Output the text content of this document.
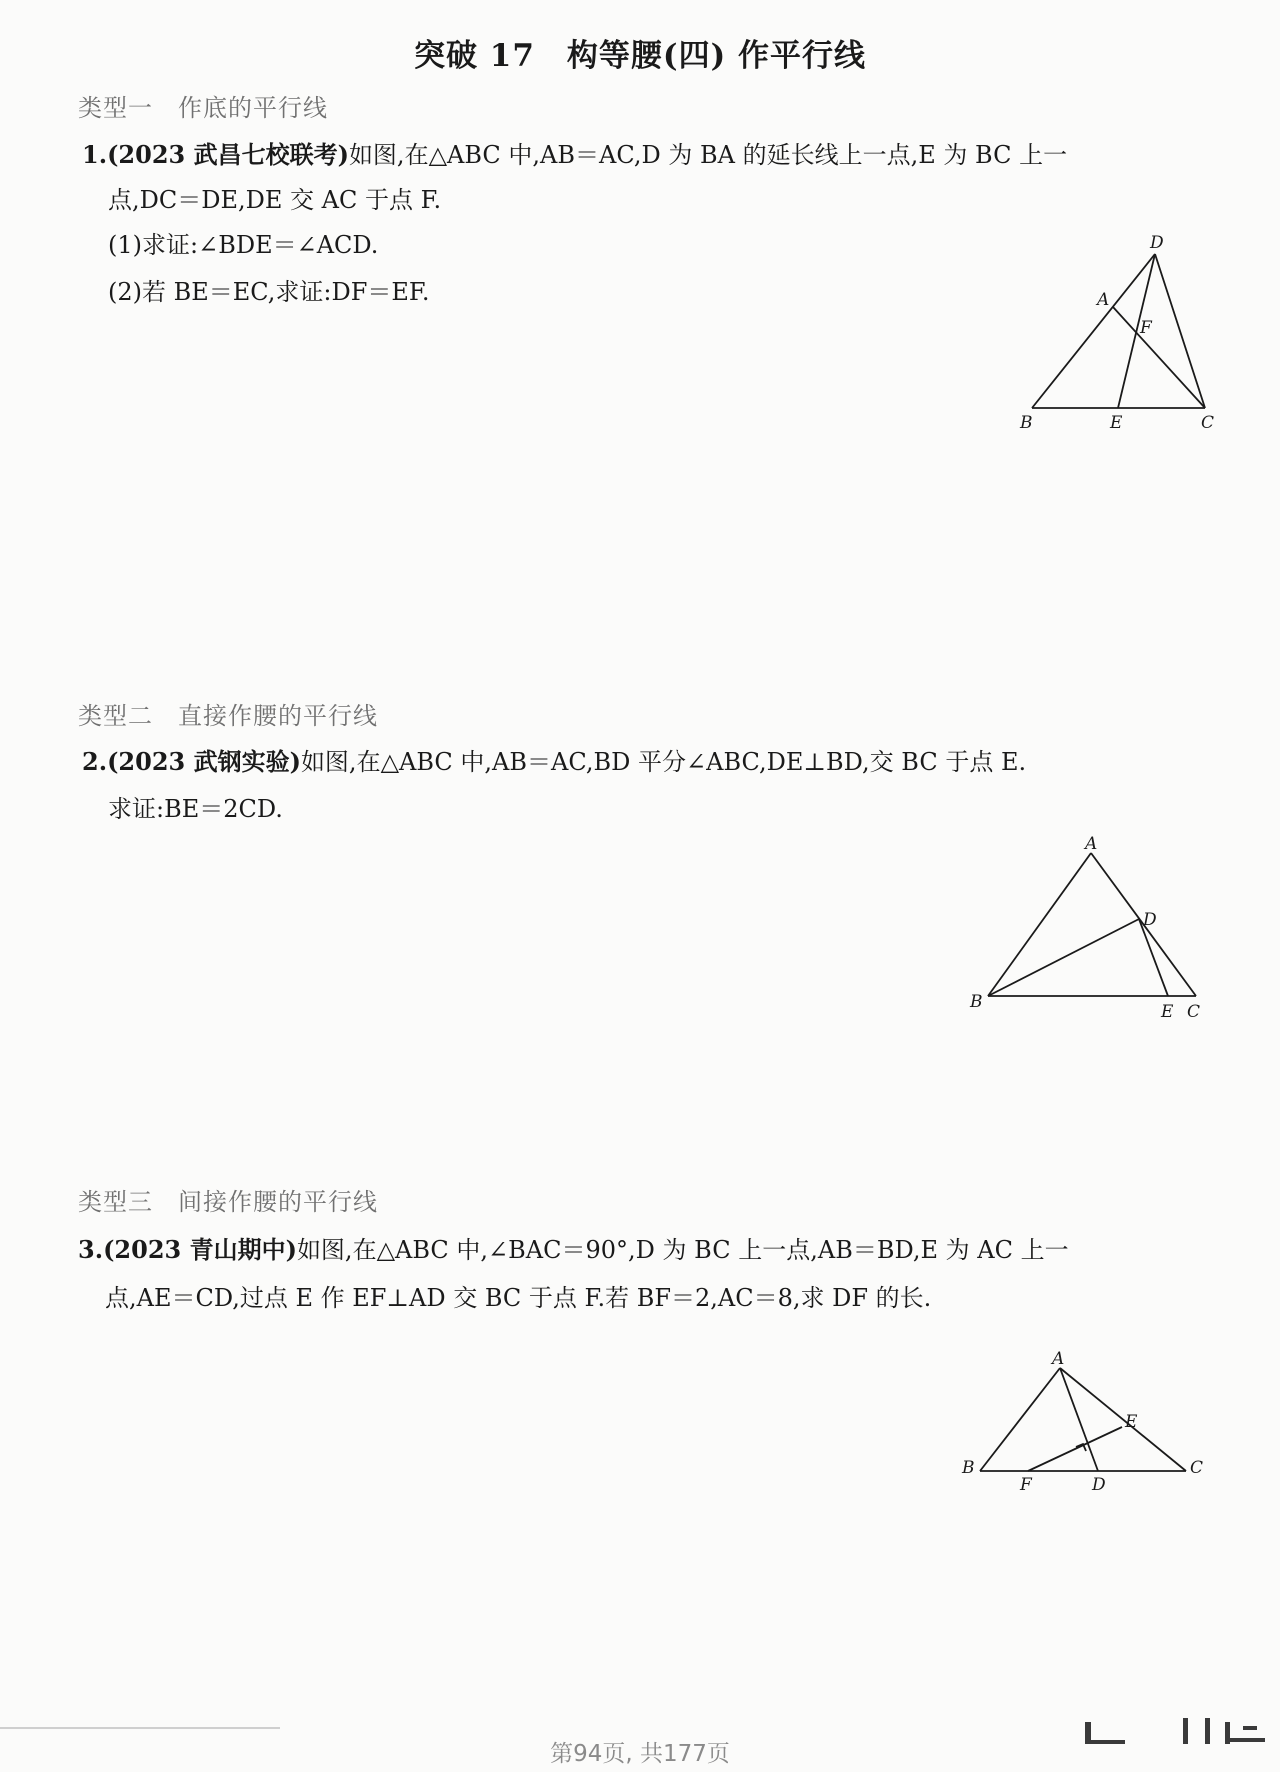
突破 17　构等腰(四) 作平行线
类型一　作底的平行线
1.(2023 武昌七校联考)如图,在△ABC 中,AB＝AC,D 为 BA 的延长线上一点,E 为 BC 上一
点,DC＝DE,DE 交 AC 于点 F.
(1)求证:∠BDE＝∠ACD.
(2)若 BE＝EC,求证:DF＝EF.
D
A
F
B	E	C
类型二　直接作腰的平行线
2.(2023 武钢实验)如图,在△ABC 中,AB＝AC,BD 平分∠ABC,DE⊥BD,交 BC 于点 E.
求证:BE＝2CD.
A
D
B	E C
类型三　间接作腰的平行线
3.(2023 青山期中)如图,在△ABC 中,∠BAC＝90°,D 为 BC 上一点,AB＝BD,E 为 AC 上一
点,AE＝CD,过点 E 作 EF⊥AD 交 BC 于点 F.若 BF＝2,AC＝8,求 DF 的长.
A
E
B
F	D
C
第94页, 共177页
